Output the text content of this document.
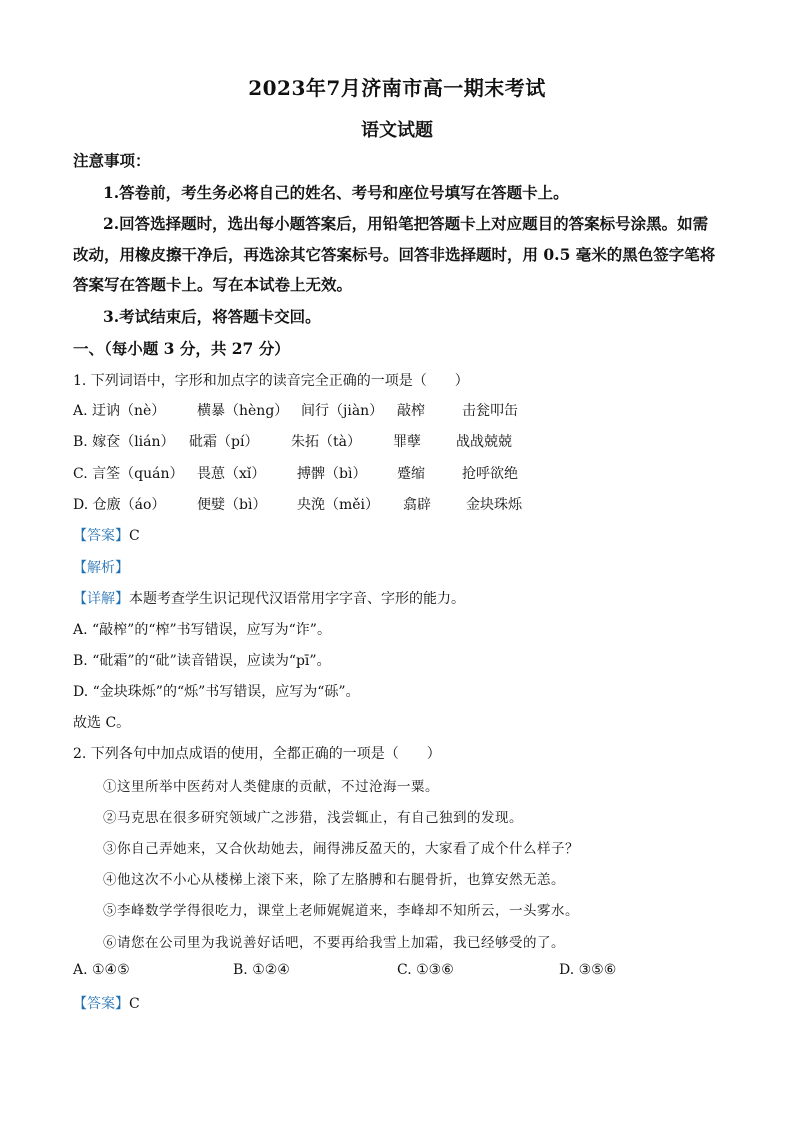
2023年7月济南市高一期末考试
语文试题
注意事项：
1.答卷前，考生务必将自己的姓名、考号和座位号填写在答题卡上。
2.回答选择题时，选出每小题答案后，用铅笔把答题卡上对应题目的答案标号涂黑。如需
改动，用橡皮擦干净后，再选涂其它答案标号。回答非选择题时，用 0.5 毫米的黑色签字笔将
答案写在答题卡上。写在本试卷上无效。
3.考试结束后，将答题卡交回。
一、（每小题 3 分，共 27 分）
1. 下列词语中，字形和加点字的读音完全正确的一项是（　　）
A. 迂讷（nè） 横暴（hèng） 间行（jiàn） 敲榨	击瓮叩缶
B. 嫁奁（lián） 砒霜（pí） 朱拓（tà） 罪孽	战战兢兢
C. 言筌（quán） 畏葸（xǐ） 搏髀（bì） 蹙缩	抢呼欲绝
D. 仓廒（áo） 便嬖（bì） 央浼（měi） 翕辟	金块珠烁
【答案】C
【解析】
【详解】本题考查学生识记现代汉语常用字字音、字形的能力。
A. “敲榨”的“榨”书写错误，应写为“诈”。
B. “砒霜”的“砒”读音错误，应读为“pī”。
D. “金块珠烁”的“烁”书写错误，应写为“砾”。
故选 C。
2. 下列各句中加点成语的使用，全都正确的一项是（　　）
①这里所举中医药对人类健康的贡献，不过沧海一粟。
②马克思在很多研究领域广之涉猎，浅尝辄止，有自己独到的发现。
③你自己弄她来，又合伙劫她去，闹得沸反盈天的，大家看了成个什么样子？
④他这次不小心从楼梯上滚下来，除了左胳膊和右腿骨折，也算安然无恙。
⑤李峰数学学得很吃力，课堂上老师娓娓道来，李峰却不知所云，一头雾水。
⑥请您在公司里为我说善好话吧，不要再给我雪上加霜，我已经够受的了。
A. ①④⑤	B. ①②④	C. ①③⑥	D. ③⑤⑥
【答案】C
